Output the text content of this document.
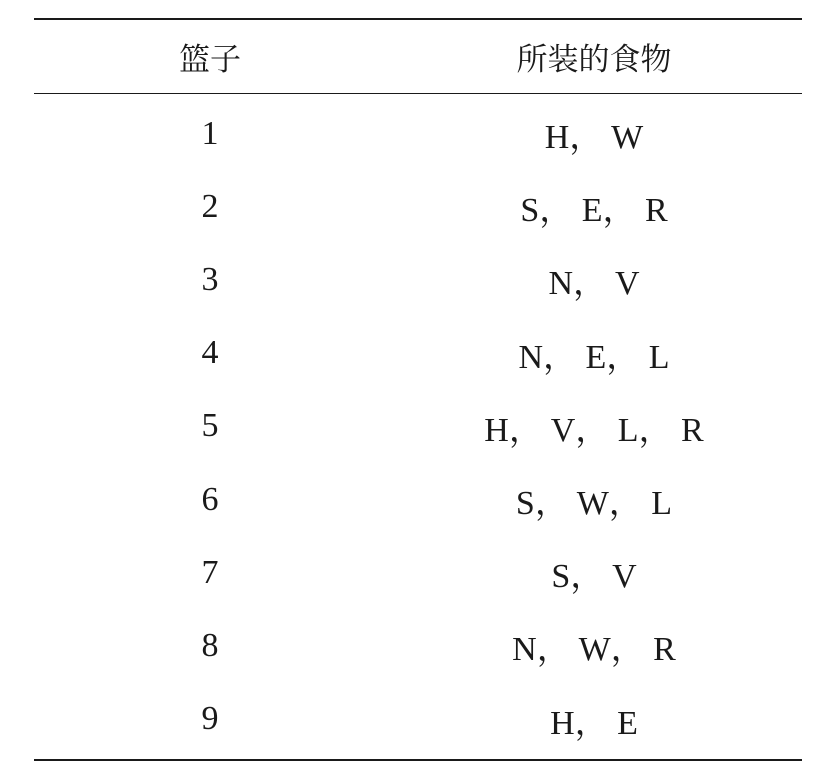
篮子	所装的食物
1	H， W
2	S， E， R
3	N， V
4	N， E， L
5	H， V， L， R
6	S， W， L
7	S， V
8	N， W， R
9	H， E
